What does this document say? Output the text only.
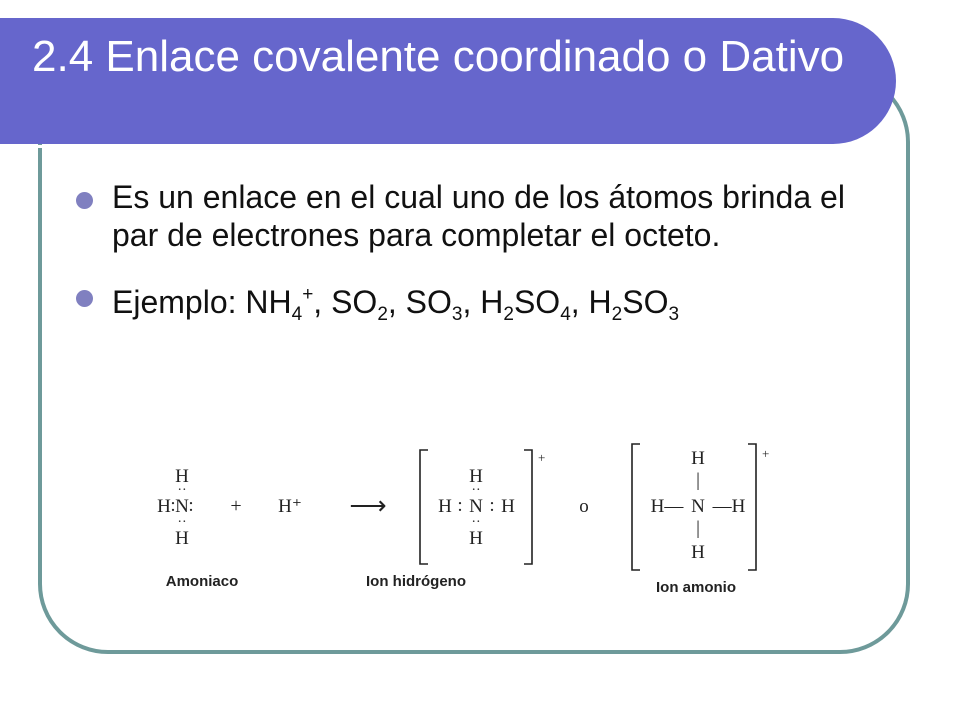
2.4 Enlace covalente coordinado o Dativo
Es un enlace en el cual uno de los átomos brinda el par de electrones para completar el octeto.
Ejemplo: $NH_4^+$, $SO_2$, $SO_3$, $H_2SO_4$, $H_2SO_3$
H
··
H : N :
··
H
+ H⁺ ⟶
+
H
··
H : N : H
··
H
o
+
H
|
H— N —H
|
H
Amoniaco	Ion hidrógeno	Ion amonio
